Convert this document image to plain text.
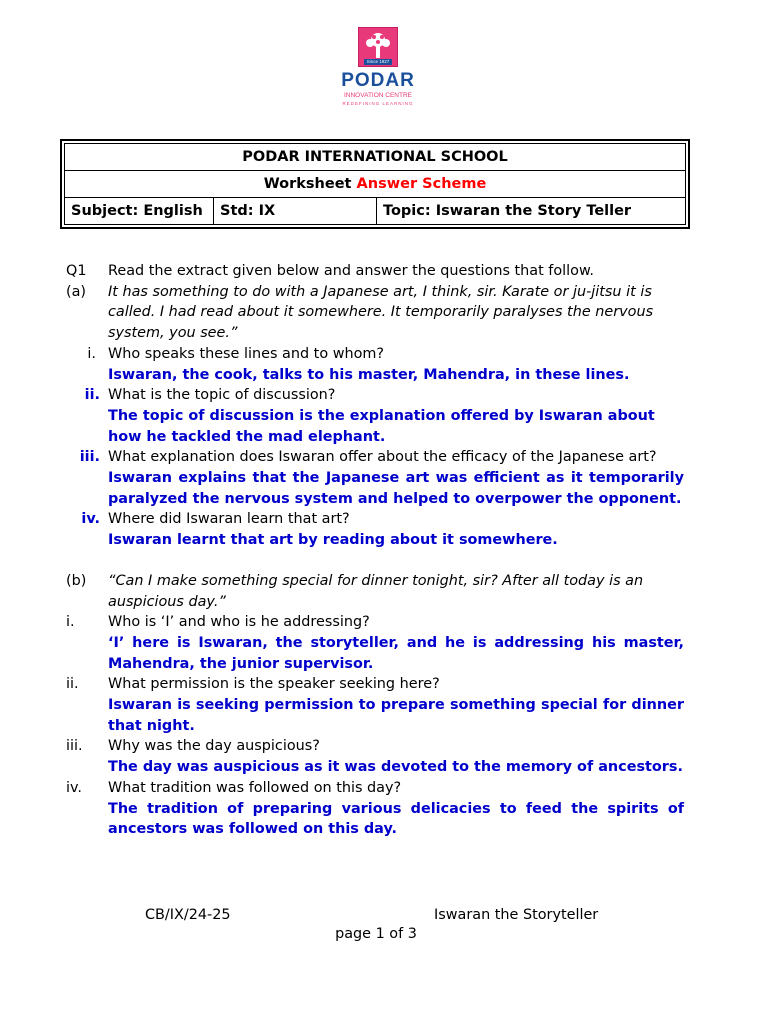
Since 1927
PODAR
INNOVATION CENTRE
REDEFINING LEARNING
PODAR INTERNATIONAL SCHOOL
Worksheet Answer Scheme
Subject: English	Std: IX	Topic: Iswaran the Story Teller
Q1	Read the extract given below and answer the questions that follow.
(a)	It has something to do with a Japanese art, I think, sir. Karate or ju-jitsu it is called. I had read about it somewhere. It temporarily paralyses the nervous system, you see.”
i. Who speaks these lines and to whom?
Iswaran, the cook, talks to his master, Mahendra, in these lines.
ii. What is the topic of discussion?
The topic of discussion is the explanation offered by Iswaran about how he tackled the mad elephant.
iii. What explanation does Iswaran offer about the efficacy of the Japanese art?
Iswaran explains that the Japanese art was efficient as it temporarily paralyzed the nervous system and helped to overpower the opponent.
iv. Where did Iswaran learn that art?
Iswaran learnt that art by reading about it somewhere.
(b)	“Can I make something special for dinner tonight, sir? After all today is an auspicious day.”
i.	Who is ‘I’ and who is he addressing?
‘I’ here is Iswaran, the storyteller, and he is addressing his master, Mahendra, the junior supervisor.
ii.	What permission is the speaker seeking here?
Iswaran is seeking permission to prepare something special for dinner that night.
iii.	Why was the day auspicious?
The day was auspicious as it was devoted to the memory of ancestors.
iv.	What tradition was followed on this day?
The tradition of preparing various delicacies to feed the spirits of ancestors was followed on this day.
CB/IX/24-25	Iswaran the Storyteller
page 1 of 3
